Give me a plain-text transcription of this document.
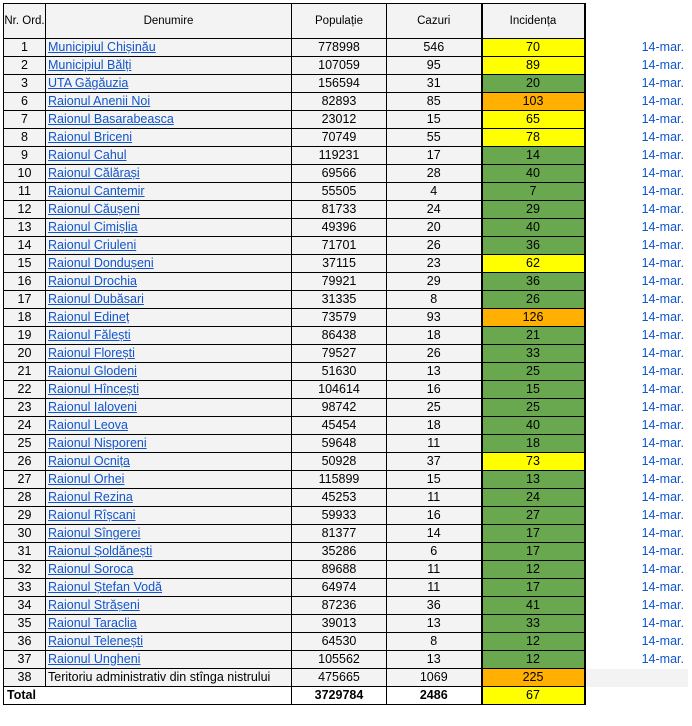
Nr. Ord.	Denumire	Populație	Cazuri	Incidența	
1	Municipiul Chișinău	778998	546	70	14-mar.
2	Municipiul Bălți	107059	95	89	14-mar.
3	UTA Găgăuzia	156594	31	20	14-mar.
6	Raionul Anenii Noi	82893	85	103	14-mar.
7	Raionul Basarabeasca	23012	15	65	14-mar.
8	Raionul Briceni	70749	55	78	14-mar.
9	Raionul Cahul	119231	17	14	14-mar.
10	Raionul Călărași	69566	28	40	14-mar.
11	Raionul Cantemir	55505	4	7	14-mar.
12	Raionul Căușeni	81733	24	29	14-mar.
13	Raionul Cimișlia	49396	20	40	14-mar.
14	Raionul Criuleni	71701	26	36	14-mar.
15	Raionul Dondușeni	37115	23	62	14-mar.
16	Raionul Drochia	79921	29	36	14-mar.
17	Raionul Dubăsari	31335	8	26	14-mar.
18	Raionul Edineț	73579	93	126	14-mar.
19	Raionul Fălești	86438	18	21	14-mar.
20	Raionul Florești	79527	26	33	14-mar.
21	Raionul Glodeni	51630	13	25	14-mar.
22	Raionul Hîncești	104614	16	15	14-mar.
23	Raionul Ialoveni	98742	25	25	14-mar.
24	Raionul Leova	45454	18	40	14-mar.
25	Raionul Nisporeni	59648	11	18	14-mar.
26	Raionul Ocnița	50928	37	73	14-mar.
27	Raionul Orhei	115899	15	13	14-mar.
28	Raionul Rezina	45253	11	24	14-mar.
29	Raionul Rîșcani	59933	16	27	14-mar.
30	Raionul Sîngerei	81377	14	17	14-mar.
31	Raionul Șoldănești	35286	6	17	14-mar.
32	Raionul Soroca	89688	11	12	14-mar.
33	Raionul Ștefan Vodă	64974	11	17	14-mar.
34	Raionul Strășeni	87236	36	41	14-mar.
35	Raionul Taraclia	39013	13	33	14-mar.
36	Raionul Telenești	64530	8	12	14-mar.
37	Raionul Ungheni	105562	13	12	14-mar.
38	Teritoriu administrativ din stînga nistrului	475665	1069	225	
Total		3729784	2486	67	
